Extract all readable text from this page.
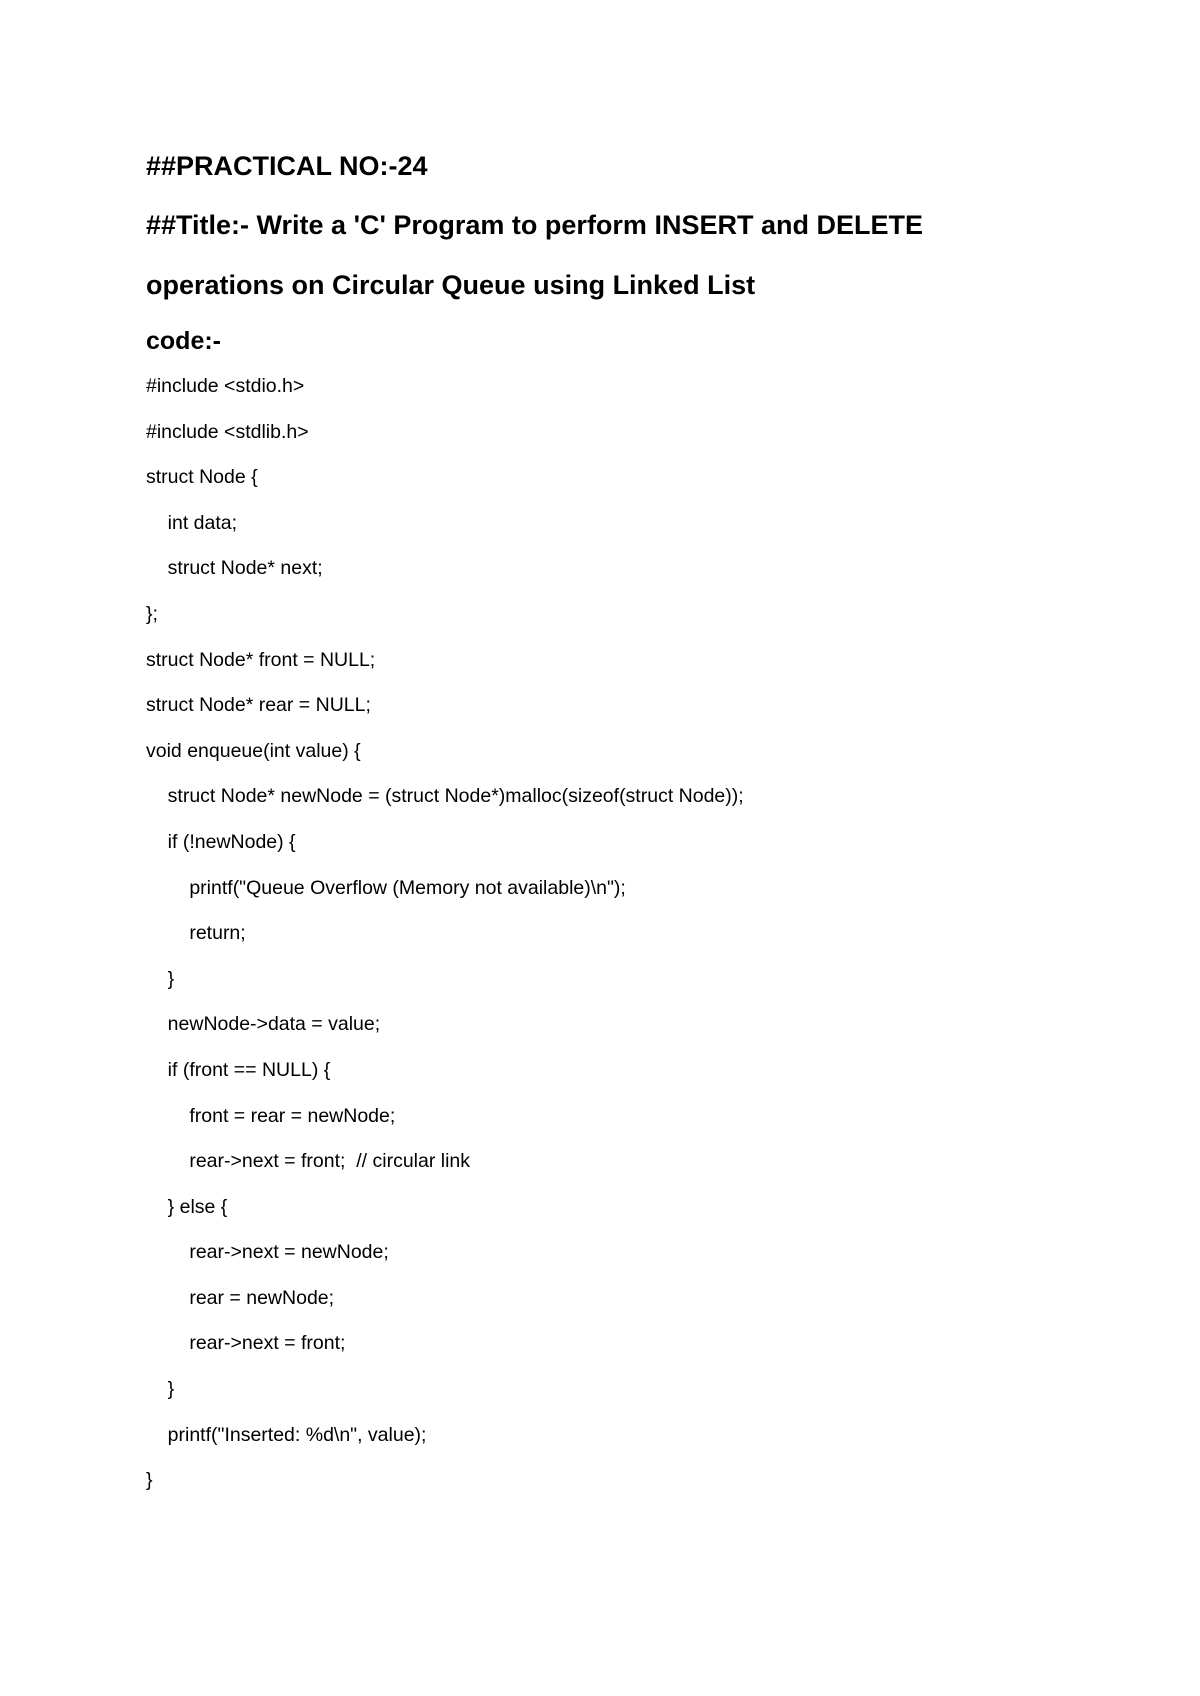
##PRACTICAL NO:-24
##Title:- Write a 'C' Program to perform INSERT and DELETE
operations on Circular Queue using Linked List
code:-
#include <stdio.h>
#include <stdlib.h>
struct Node {
int data;
struct Node* next;
};
struct Node* front = NULL;
struct Node* rear = NULL;
void enqueue(int value) {
struct Node* newNode = (struct Node*)malloc(sizeof(struct Node));
if (!newNode) {
printf("Queue Overflow (Memory not available)\n");
return;
}
newNode->data = value;
if (front == NULL) {
front = rear = newNode;
rear->next = front;  // circular link
} else {
rear->next = newNode;
rear = newNode;
rear->next = front;
}
printf("Inserted: %d\n", value);
}
